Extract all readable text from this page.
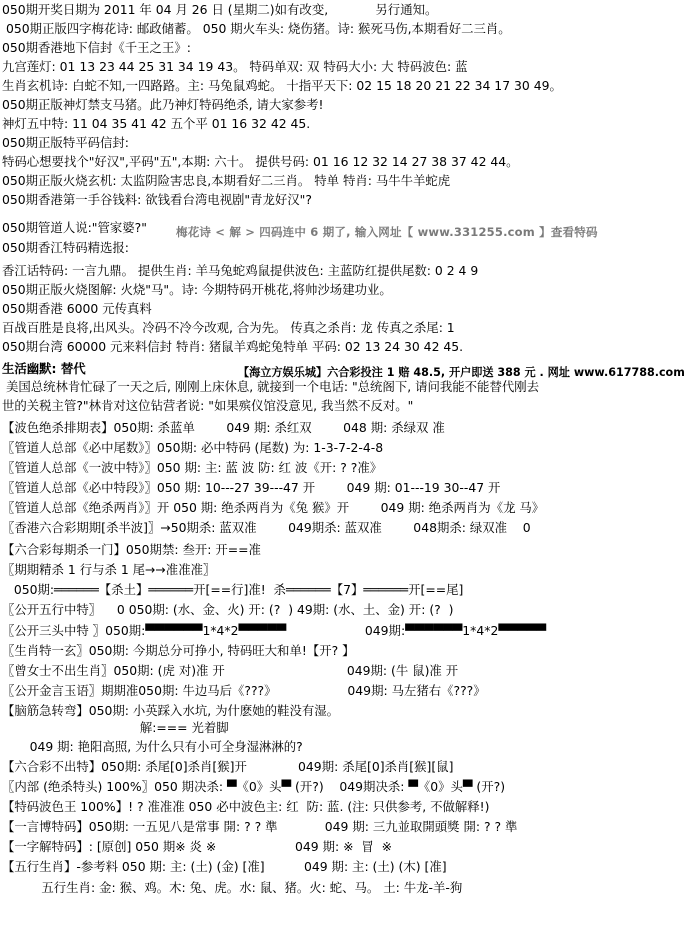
050期开奖日期为 2011 年 04 月 26 日 (星期二)如有改变,            另行通知。
050期正版四字梅花诗: 邮政储蓄。 050 期火车头: 烧伤猪。诗: 猴死马伤,本期看好二三肖。
050期香港地下信封《千王之王》:
九宫莲灯: 01 13 23 44 25 31 34 19 43。 特码单双: 双 特码大小: 大 特码波色: 蓝
生肖玄机诗: 白蛇不知,一四路路。主: 马兔鼠鸡蛇。 十指平天下: 02 15 18 20 21 22 34 17 30 49。
050期正版神灯禁支马猪。此乃神灯特码绝杀, 请大家参考!
神灯五中特: 11 04 35 41 42 五个平 01 16 32 42 45.
050期正版特平码信封:
特码心想要找个"好汉",平码"五",本期: 六十。 提供号码: 01 16 12 32 14 27 38 37 42 44。
050期正版火烧玄机: 太监阴险害忠良,本期看好二三肖。 特单 特肖: 马牛牛羊蛇虎
050期香港第一手谷钱料: 欲钱看台湾电视剧"青龙好汉"?
050期管道人说:"管家婆?"	梅花诗 < 解 > 四码连中 6 期了, 输入网址【 www.331255.com 】查看特码
050期香江特码精选报:
香江话特码: 一言九鼎。 提供生肖: 羊马兔蛇鸡鼠提供波色: 主蓝防红提供尾数: 0 2 4 9
050期正版火烧图解: 火烧"马"。诗: 今期特码开桃花,将帅沙场建功业。
050期香港 6000 元传真料
百战百胜是良将,出风头。冷码不冷今改观, 合为先。 传真之杀肖: 龙 传真之杀尾: 1
050期台湾 60000 元来料信封 特肖: 猪鼠羊鸡蛇兔特单 平码: 02 13 24 30 42 45.
生活幽默: 替代	【海立方娱乐城】六合彩投注 1 赔 48.5, 开户即送 388 元 . 网址 www.617788.com
美国总统林肯忙碌了一天之后, 刚刚上床休息, 就接到一个电话: "总统阁下, 请问我能不能替代刚去
世的关税主管?"林肯对这位钻营者说: "如果殡仪馆没意见, 我当然不反对。"
【波色绝杀排期表】050期: 杀蓝单        049 期: 杀红双        048 期: 杀绿双 准
〖管道人总部《必中尾数》〗050期: 必中特码 (尾数) 为: 1-3-7-2-4-8
〖管道人总部《一波中特》〗050 期: 主: 蓝 波 防: 红 波《开: ? ?准》
〖管道人总部《必中特段》〗050 期: 10---27 39---47 开        049 期: 01---19 30--47 开
〖管道人总部《绝杀两肖》〗开 050 期: 绝杀两肖为《兔 猴》开        049 期: 绝杀两肖为《龙 马》
〖香港六合彩期期[杀半波]〗→50期杀: 蓝双准        049期杀: 蓝双准        048期杀: 绿双准    0
【六合彩每期杀一门】050期禁: 叁开: 开==准
〖期期精杀 1 行与杀 1 尾→→准准准〗
050期:══════【杀土】══════开[==行]准!  杀══════【7】══════开[==尾]
〖公开五行中特〗    0 050期: (水、金、火) 开: (?  ) 49期: (水、土、金) 开: (?  )
〖公开三头中特 〗050期:▀▀▀▀▀▀1*4*2▀▀▀▀▀                    049期:▀▀▀▀▀▀1*4*2▀▀▀▀▀
〖生肖特一玄〗050期: 今期总分可挣小, 特码旺大和单!【开? 】
〖曾女士不出生肖〗050期: (虎 对)准 开                               049期: (牛 鼠)准 开
〖公开金言玉语〗期期准050期: 牛边马后《???》                  049期: 马左猪右《???》
【脑筋急转弯】050期: 小英踩入水坑, 为什麽她的鞋没有湿。
解:=== 光着脚
049 期: 艳阳高照, 为什么只有小可全身湿淋淋的?
【六合彩不出特】050期: 杀尾[0]杀肖[猴]开             049期: 杀尾[0]杀肖[猴][鼠]
〖内部 (绝杀特头) 100%〗050 期决杀: ▀《0》头▀ (开?)    049期决杀: ▀《0》头▀ (开?)
【特码波色王 100%】! ? 准准准 050 必中波色主: 红  防: 蓝. (注: 只供参考, 不做解释!)
【一言博特码】050期: 一五见八是常事 開: ? ? 準            049 期: 三九並取開頭獎 開: ? ? 準
【一字解特码】: [原创] 050 期※ 炎 ※                    049 期: ※  冒  ※
【五行生肖】-参考料 050 期: 主: (土) (金) [准]          049 期: 主: (土) (木) [准]
五行生肖: 金: 猴、鸡。木: 兔、虎。水: 鼠、猪。火: 蛇、马。 土: 牛龙-羊-狗
